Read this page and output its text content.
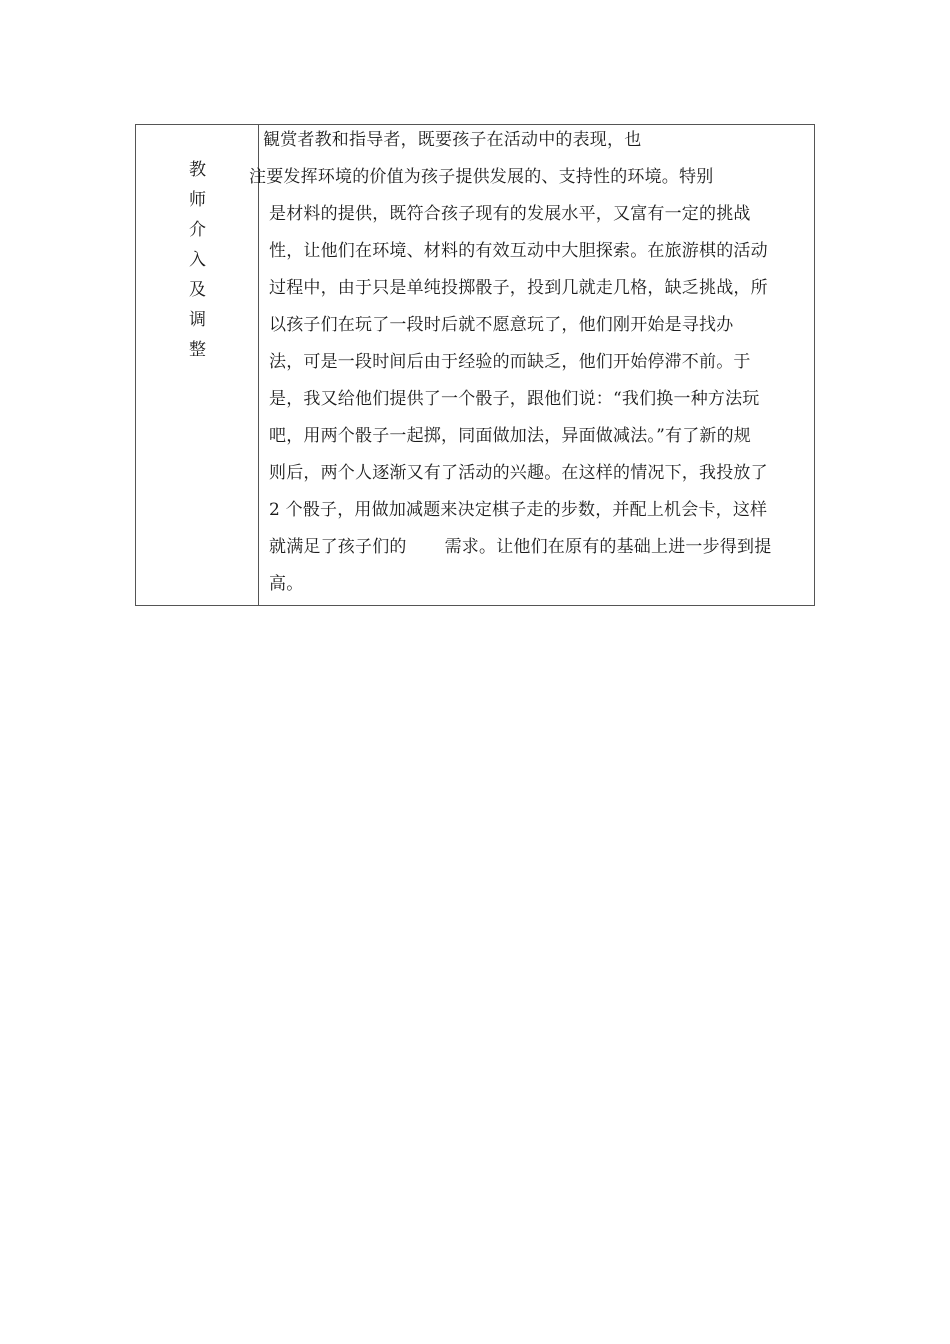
教
师
介
入
及
调
整
観赏者教和指导者，既要孩子在活动中的表现，也
注要发挥环境的价值为孩子提供发展的、支持性的环境。特别
是材料的提供，既符合孩子现有的发展水平，又富有一定的挑战
性，让他们在环境、材料的有效互动中大胆探索。在旅游棋的活动
过程中，由于只是单纯投掷骰子，投到几就走几格，缺乏挑战，所
以孩子们在玩了一段时后就不愿意玩了，他们刚开始是寻找办
法，可是一段时间后由于经验的而缺乏，他们开始停滞不前。于
是，我又给他们提供了一个骰子，跟他们说：“我们换一种方法玩
吧，用两个骰子一起掷，同面做加法，异面做减法。”有了新的规
则后，两个人逐渐又有了活动的兴趣。在这样的情况下，我投放了
2 个骰子，用做加减题来决定棋子走的步数，并配上机会卡，这样
就满足了孩子们的 需求。让他们在原有的基础上进一步得到提
高。
